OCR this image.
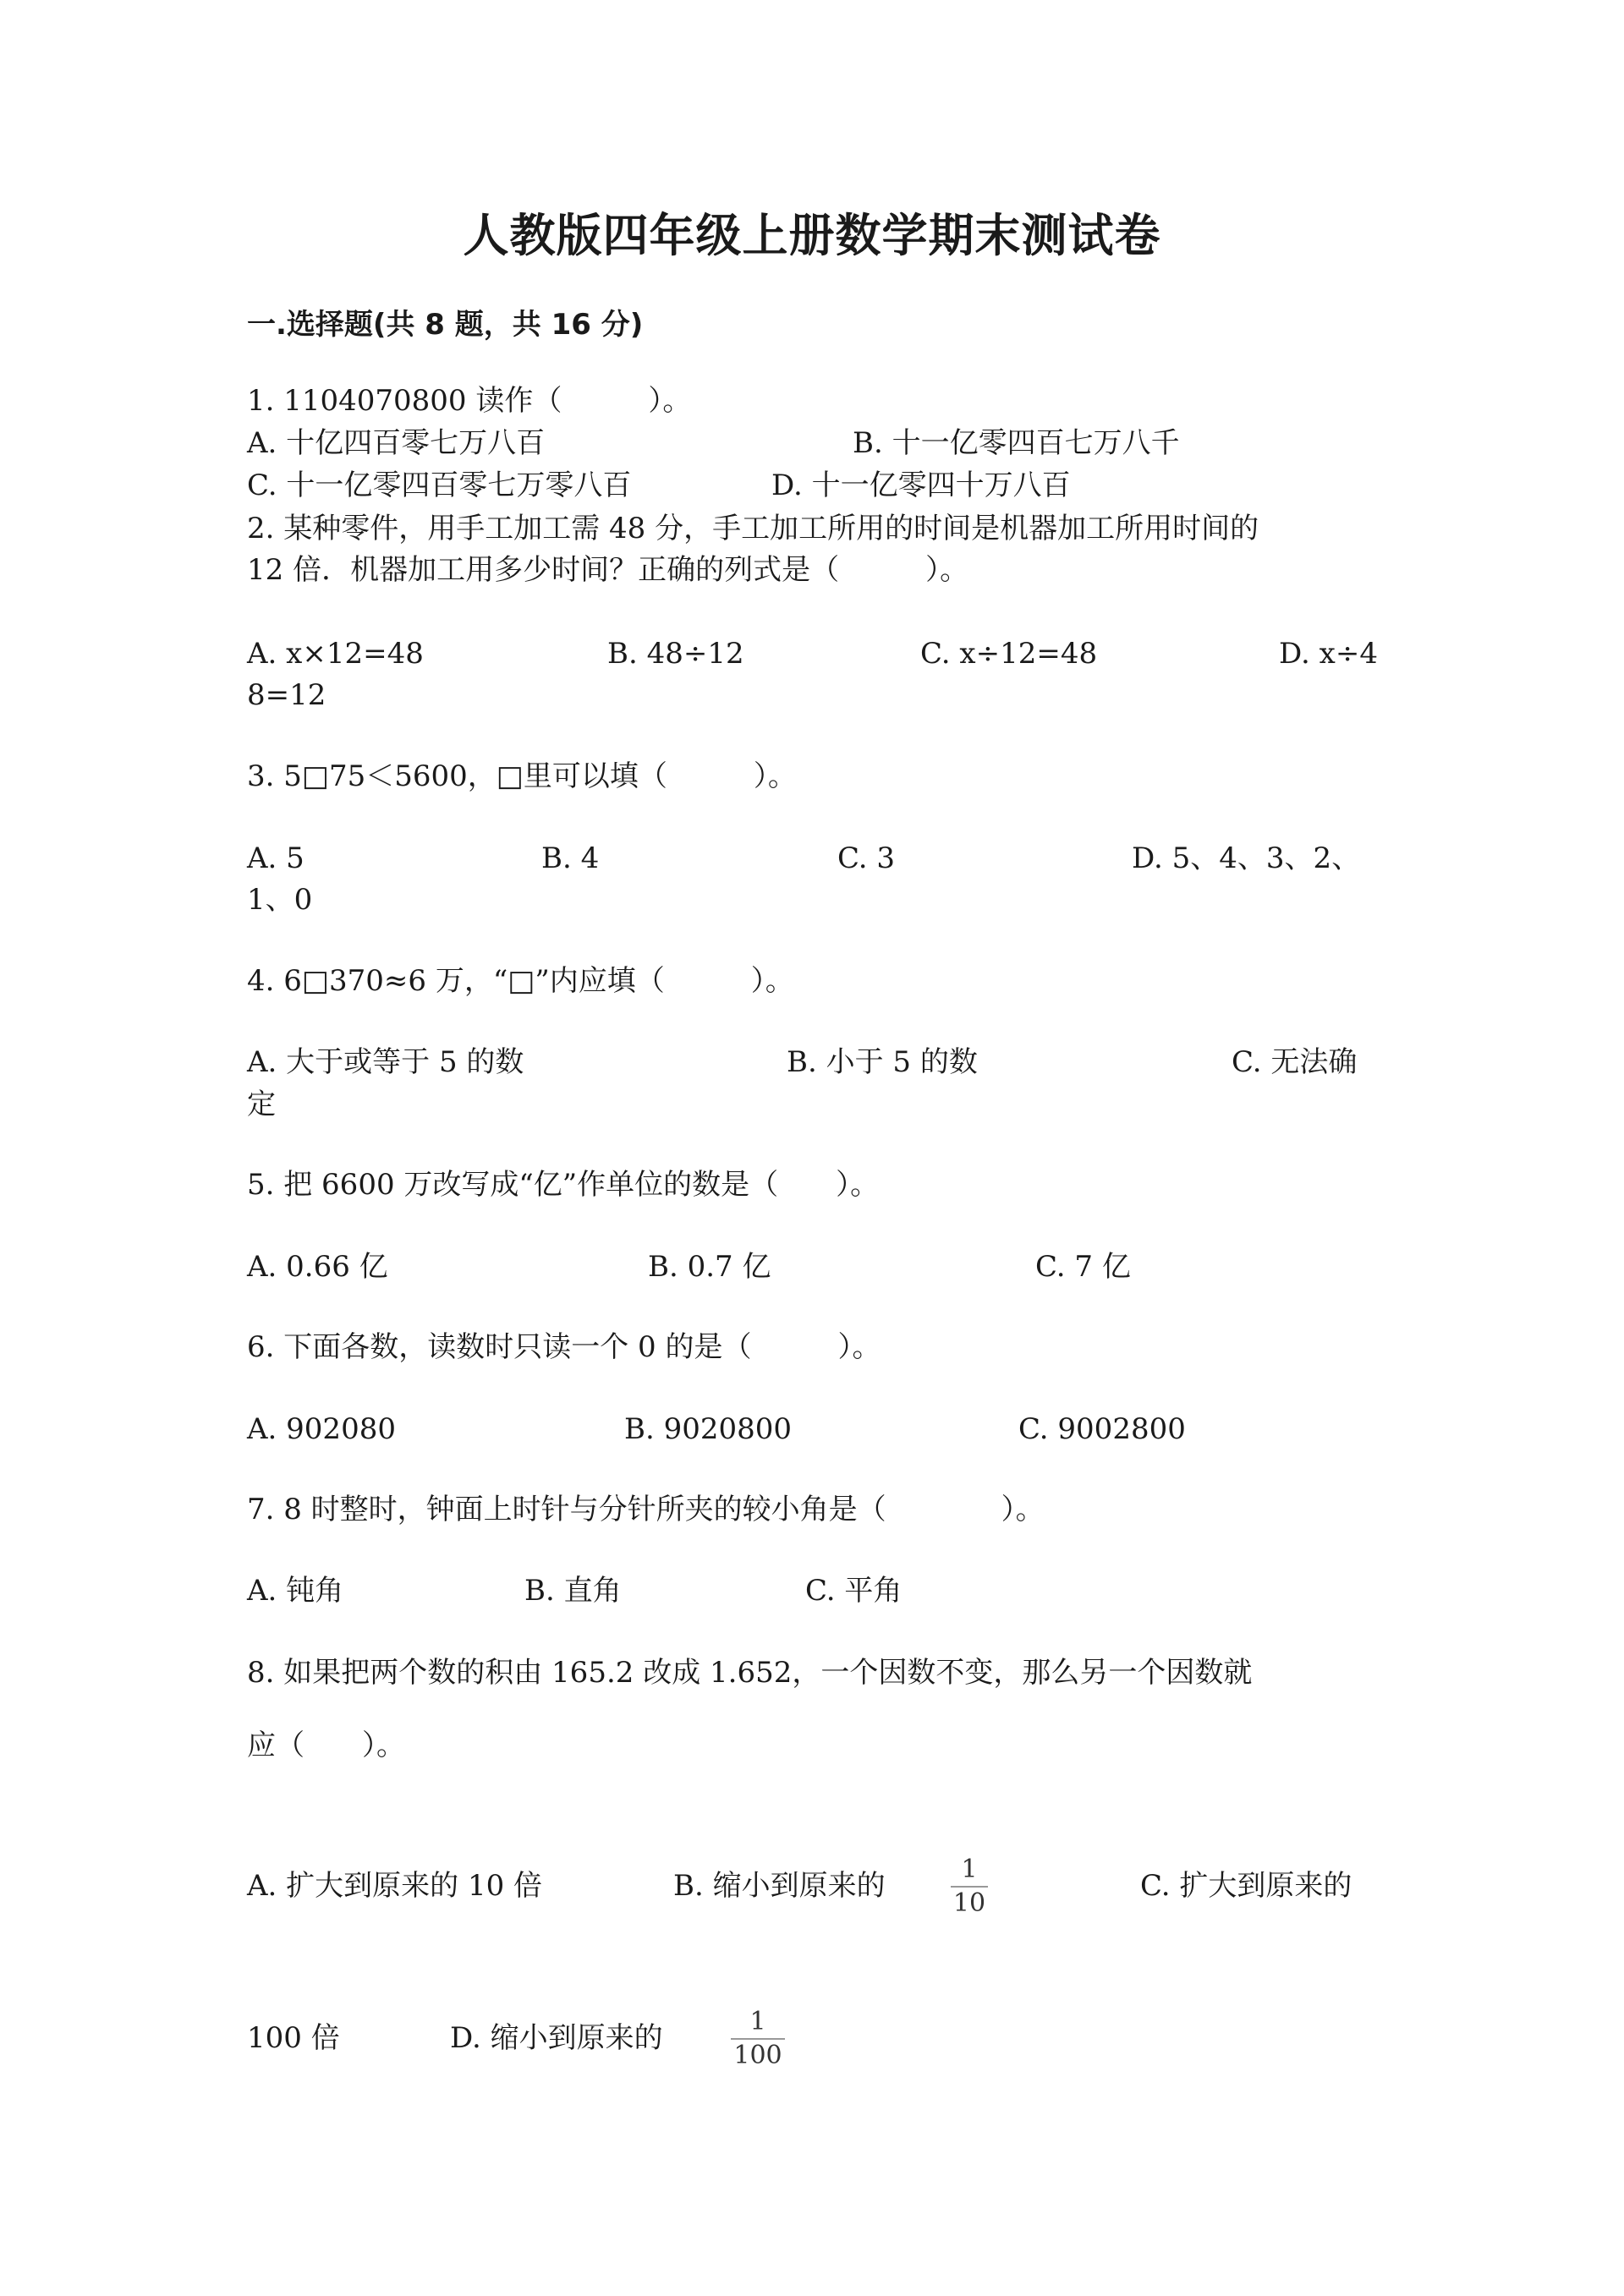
人教版四年级上册数学期末测试卷
一.选择题(共 8 题，共 16 分)
1. 1104070800 读作（　　　）。
A. 十亿四百零七万八百	B. 十一亿零四百七万八千
C. 十一亿零四百零七万零八百	D. 十一亿零四十万八百
2. 某种零件，用手工加工需 48 分，手工加工所用的时间是机器加工所用时间的
12 倍．机器加工用多少时间？正确的列式是（　　　）。
A. x×12=48	B. 48÷12	C. x÷12=48	D. x÷4
8=12
3. 5□75＜5600，□里可以填（　　　）。
A. 5	B. 4	C. 3	D. 5、4、3、2、
1、0
4. 6□370≈6 万，“□”内应填（　　　）。
A. 大于或等于 5 的数	B. 小于 5 的数	C. 无法确
定
5. 把 6600 万改写成“亿”作单位的数是（　　）。
A. 0.66 亿	B. 0.7 亿	C. 7 亿
6. 下面各数，读数时只读一个 0 的是（　　　）。
A. 902080	B. 9020800	C. 9002800
7. 8 时整时，钟面上时针与分针所夹的较小角是（　　　　）。
A. 钝角	B. 直角	C. 平角
8. 如果把两个数的积由 165.2 改成 1.652，一个因数不变，那么另一个因数就
应（　　）。
A. 扩大到原来的 10 倍	B. 缩小到原来的	1
10
C. 扩大到原来的
100 倍	D. 缩小到原来的	1
100
